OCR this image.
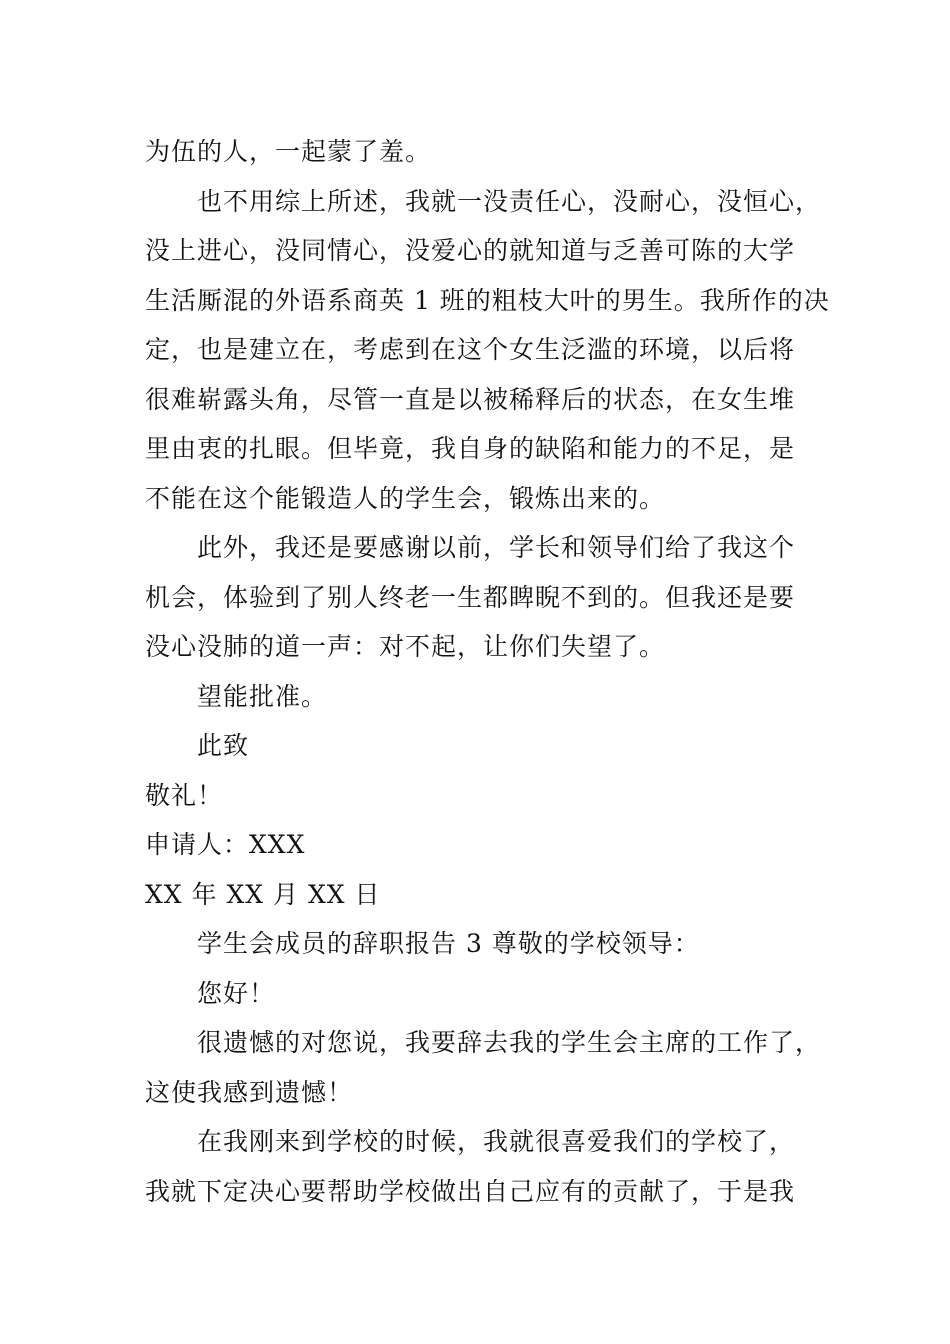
为伍的人，一起蒙了羞。
也不用综上所述，我就一没责任心，没耐心，没恒心，
没上进心，没同情心，没爱心的就知道与乏善可陈的大学
生活厮混的外语系商英 1 班的粗枝大叶的男生。我所作的决
定，也是建立在，考虑到在这个女生泛滥的环境，以后将
很难崭露头角，尽管一直是以被稀释后的状态，在女生堆
里由衷的扎眼。但毕竟，我自身的缺陷和能力的不足，是
不能在这个能锻造人的学生会，锻炼出来的。
此外，我还是要感谢以前，学长和领导们给了我这个
机会，体验到了别人终老一生都睥睨不到的。但我还是要
没心没肺的道一声：对不起，让你们失望了。
望能批准。
此致
敬礼！
申请人：XXX
XX 年 XX 月 XX 日
学生会成员的辞职报告 3 尊敬的学校领导：
您好！
很遗憾的对您说，我要辞去我的学生会主席的工作了，
这使我感到遗憾！
在我刚来到学校的时候，我就很喜爱我们的学校了，
我就下定决心要帮助学校做出自己应有的贡献了，于是我
